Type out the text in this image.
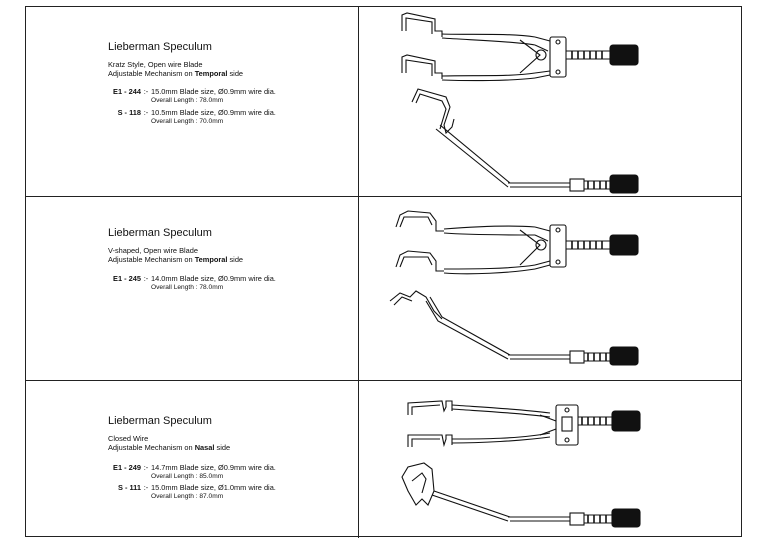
Lieberman Speculum
Kratz Style, Open wire Blade
Adjustable Mechanism on Temporal side
E1 - 244 :- 15.0mm Blade size, Ø0.9mm wire dia.
Overall Length : 78.0mm
S - 118 :- 10.5mm Blade size, Ø0.9mm wire dia.
Overall Length : 70.0mm
Lieberman Speculum
V-shaped, Open wire Blade
Adjustable Mechanism on Temporal side
E1 - 245 :- 14.0mm Blade size, Ø0.9mm wire dia.
Overall Length : 78.0mm
Lieberman Speculum
Closed Wire
Adjustable Mechanism on Nasal side
E1 - 249 :- 14.7mm Blade size, Ø0.9mm wire dia.
Overall Length : 85.0mm
S - 111 :- 15.0mm Blade size, Ø1.0mm wire dia.
Overall Length : 87.0mm
